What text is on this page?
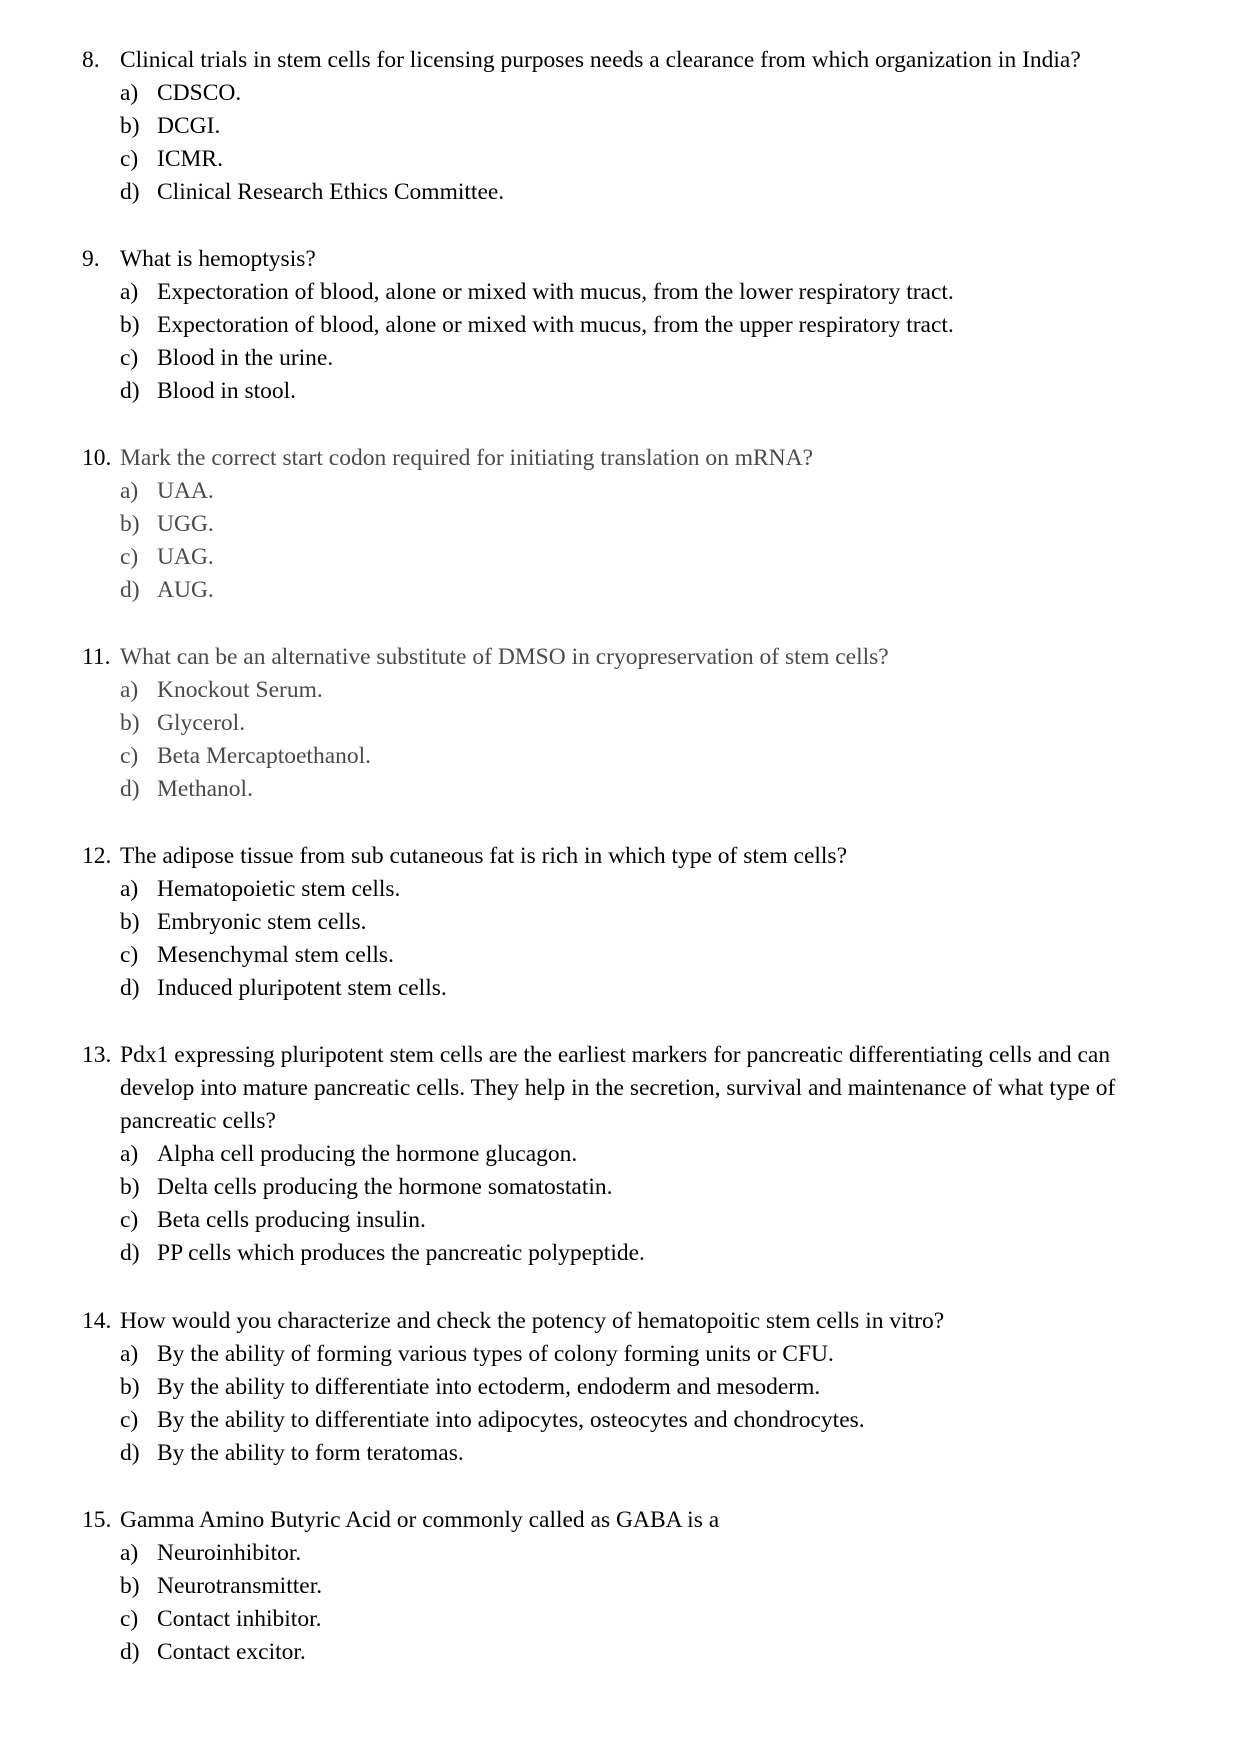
8. Clinical trials in stem cells for licensing purposes needs a clearance from which organization in India?
a) CDSCO.
b) DCGI.
c) ICMR.
d) Clinical Research Ethics Committee.
9. What is hemoptysis?
a) Expectoration of blood, alone or mixed with mucus, from the lower respiratory tract.
b) Expectoration of blood, alone or mixed with mucus, from the upper respiratory tract.
c) Blood in the urine.
d) Blood in stool.
10. Mark the correct start codon required for initiating translation on mRNA?
a) UAA.
b) UGG.
c) UAG.
d) AUG.
11. What can be an alternative substitute of DMSO in cryopreservation of stem cells?
a) Knockout Serum.
b) Glycerol.
c) Beta Mercaptoethanol.
d) Methanol.
12. The adipose tissue from sub cutaneous fat is rich in which type of stem cells?
a) Hematopoietic stem cells.
b) Embryonic stem cells.
c) Mesenchymal stem cells.
d) Induced pluripotent stem cells.
13. Pdx1 expressing pluripotent stem cells are the earliest markers for pancreatic differentiating cells and can develop into mature pancreatic cells. They help in the secretion, survival and maintenance of what type of pancreatic cells?
a) Alpha cell producing the hormone glucagon.
b) Delta cells producing the hormone somatostatin.
c) Beta cells producing insulin.
d) PP cells which produces the pancreatic polypeptide.
14. How would you characterize and check the potency of hematopoitic stem cells in vitro?
a) By the ability of forming various types of colony forming units or CFU.
b) By the ability to differentiate into ectoderm, endoderm and mesoderm.
c) By the ability to differentiate into adipocytes, osteocytes and chondrocytes.
d) By the ability to form teratomas.
15. Gamma Amino Butyric Acid or commonly called as GABA is a
a) Neuroinhibitor.
b) Neurotransmitter.
c) Contact inhibitor.
d) Contact excitor.
